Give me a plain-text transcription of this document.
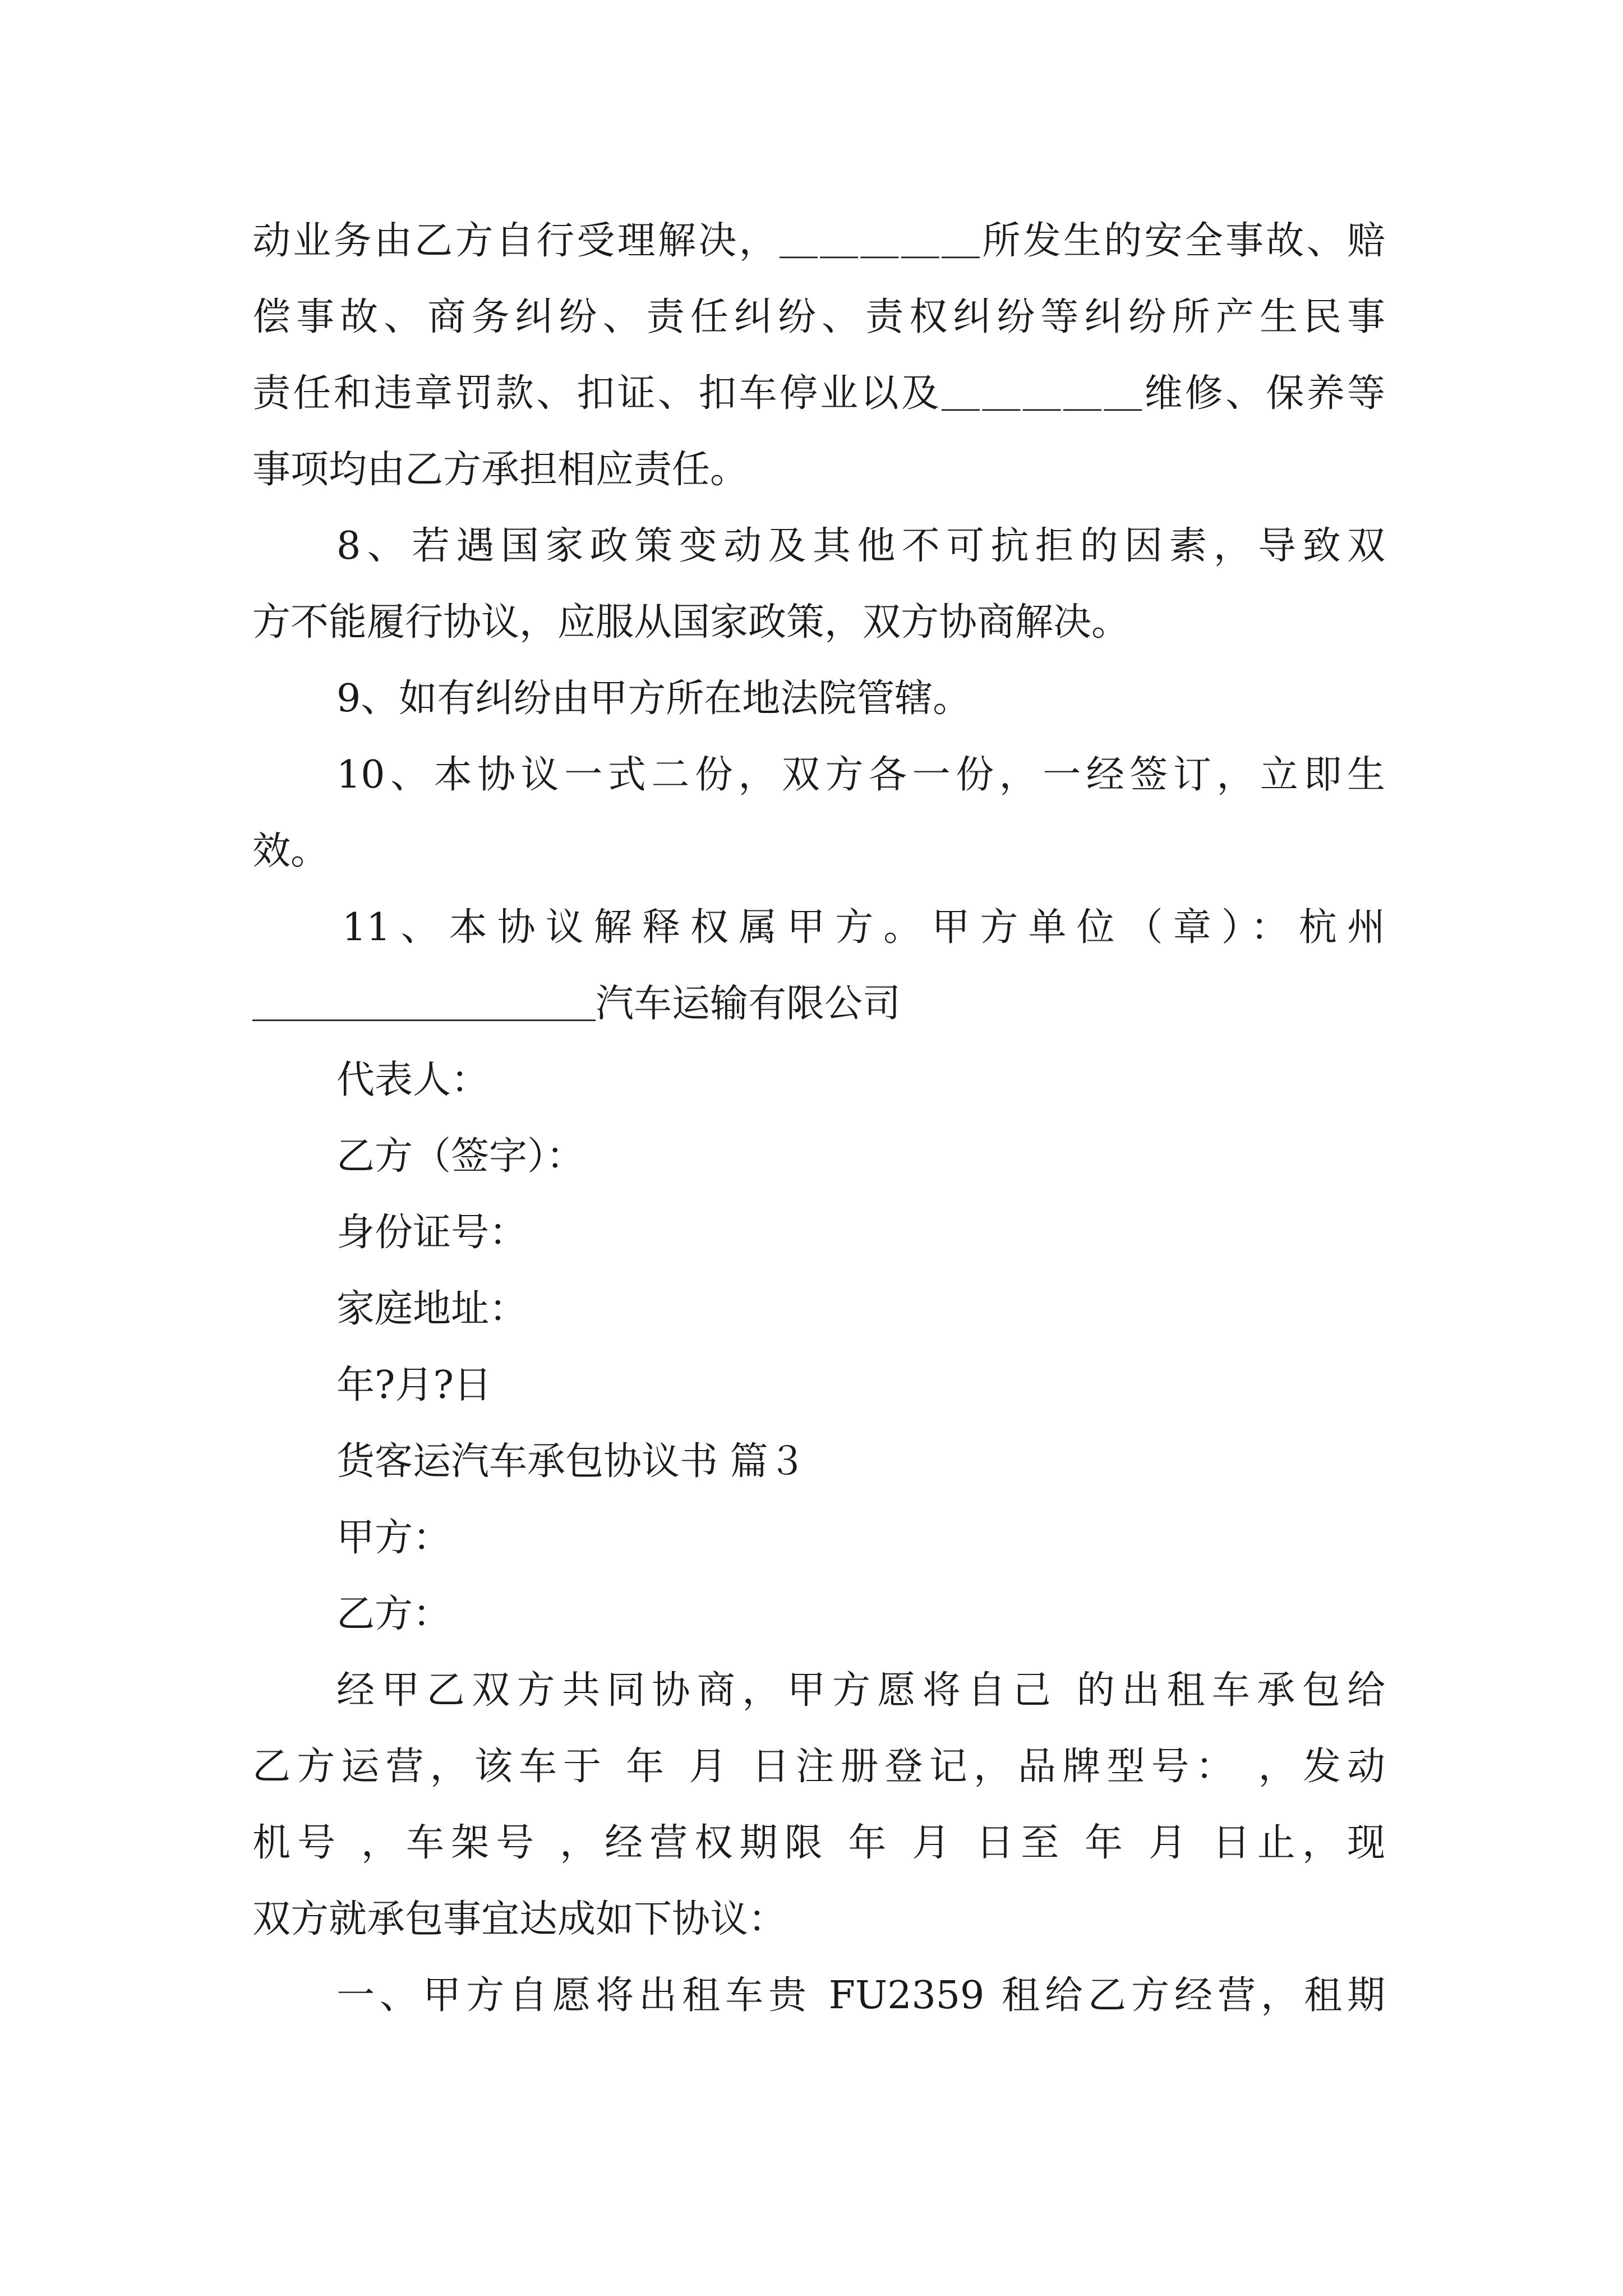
动业务由乙方自行受理解决，＿＿＿＿＿所发生的安全事故、赔
偿事故、商务纠纷、责任纠纷、责权纠纷等纠纷所产生民事
责任和违章罚款、扣证、扣车停业以及＿＿＿＿＿维修、保养等
事项均由乙方承担相应责任。
8、若遇国家政策变动及其他不可抗拒的因素，导致双
方不能履行协议，应服从国家政策，双方协商解决。
9、如有纠纷由甲方所在地法院管辖。
10、本协议一式二份，双方各一份，一经签订，立即生
效。
11、本协议解释权属甲方。甲方单位（章）：杭州
＿＿＿＿＿＿＿＿＿汽车运输有限公司
代表人：
乙方（签字）：
身份证号：
家庭地址：
年?月?日
货客运汽车承包协议书 篇３
甲方：
乙方：
经甲乙双方共同协商，甲方愿将自己 的出租车承包给
乙方运营，该车于 年 月 日注册登记，品牌型号： ，发动
机号 ，车架号 ，经营权期限 年 月 日至 年 月 日止，现
双方就承包事宜达成如下协议：
一、甲方自愿将出租车贵 FU2359 租给乙方经营，租期
